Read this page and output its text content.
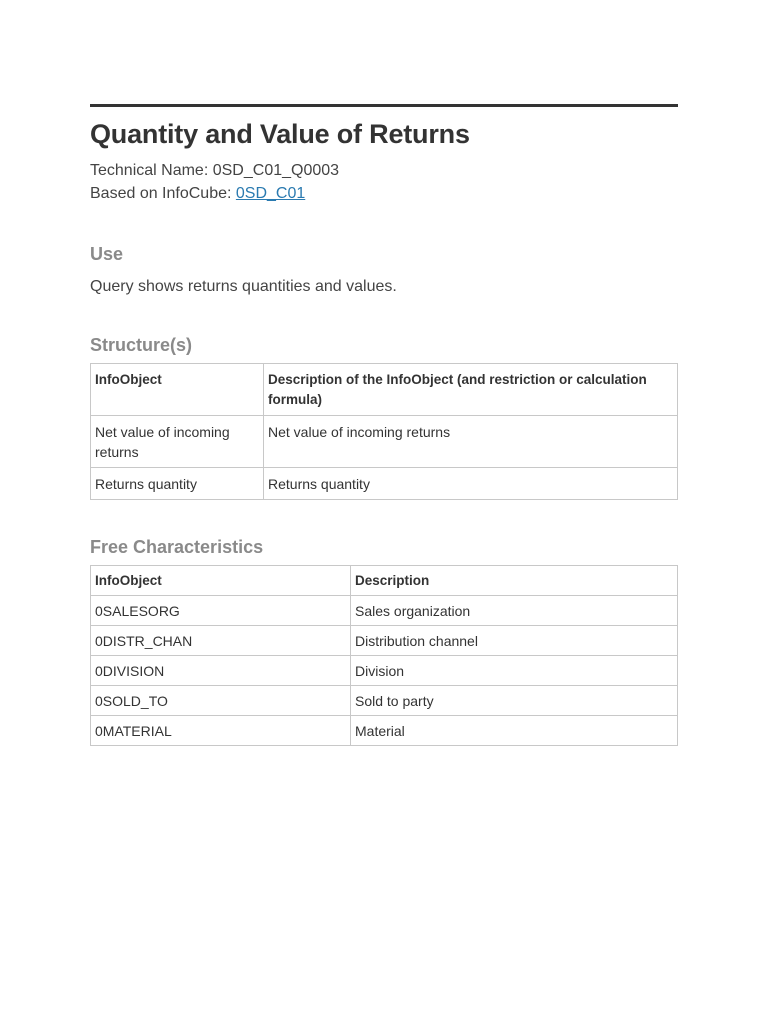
Quantity and Value of Returns
Technical Name: 0SD_C01_Q0003
Based on InfoCube: 0SD_C01
Use

Query shows returns quantities and values.

Structure(s)
InfoObject	Description of the InfoObject (and restriction or calculation formula)
Net value of incoming returns	Net value of incoming returns
Returns quantity	Returns quantity
Free Characteristics
InfoObject	Description
0SALESORG	Sales organization
0DISTR_CHAN	Distribution channel
0DIVISION	Division
0SOLD_TO	Sold to party
0MATERIAL	Material
